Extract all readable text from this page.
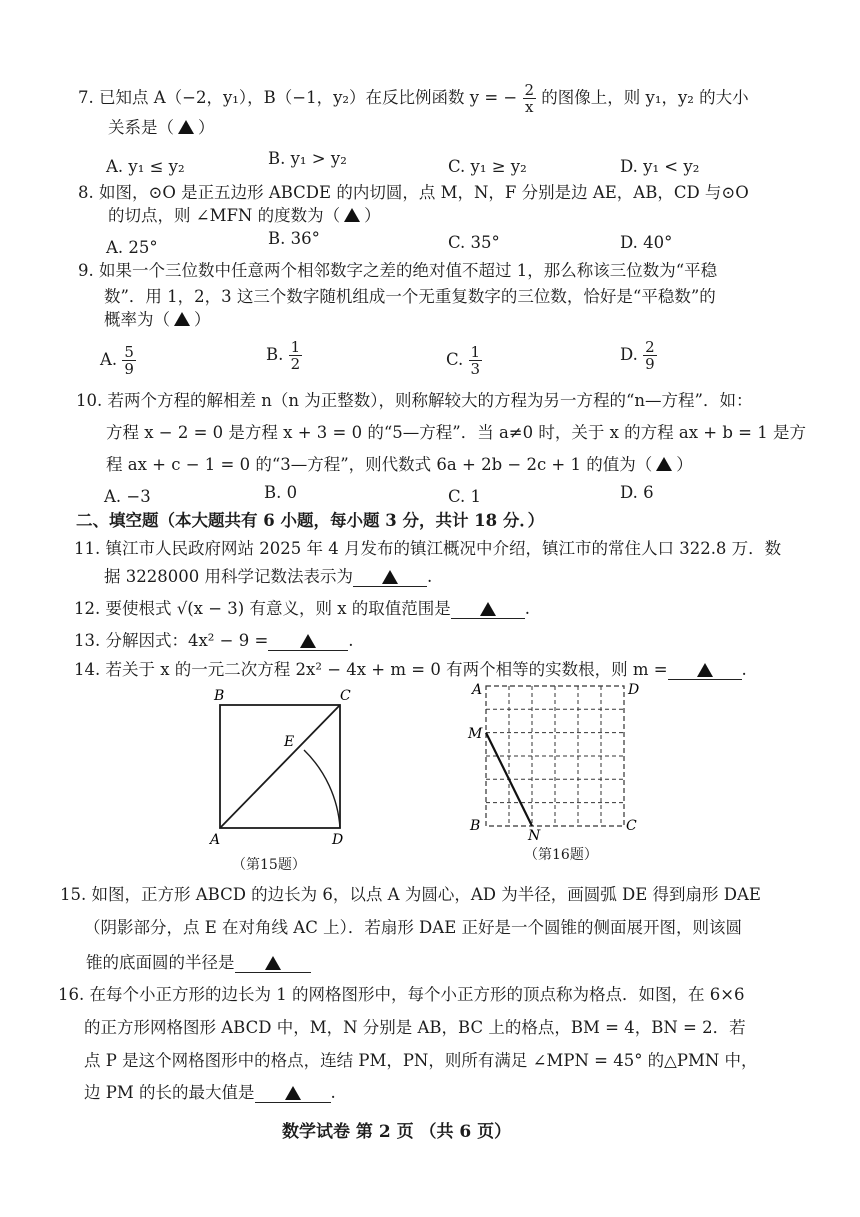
7. 已知点 A（−2，y₁），B（−1，y₂）在反比例函数 y = − $\frac{2}{x}$ 的图像上，则 y₁，y₂ 的大小
关系是（ ）
A. y₁ ≤ y₂	B. y₁ > y₂	C. y₁ ≥ y₂	D. y₁ < y₂
8. 如图，⊙O 是正五边形 ABCDE 的内切圆，点 M，N，F 分别是边 AE，AB，CD 与⊙O
的切点，则 ∠MFN 的度数为（ ）
A. 25°	B. 36°	C. 35°	D. 40°
9. 如果一个三位数中任意两个相邻数字之差的绝对值不超过 1，那么称该三位数为“平稳
数”．用 1，2，3 这三个数字随机组成一个无重复数字的三位数，恰好是“平稳数”的
概率为（ ）
A. $\frac{5}{9}$	B. $\frac{1}{2}$	C. $\frac{1}{3}$	D. $\frac{2}{9}$
10. 若两个方程的解相差 n（n 为正整数），则称解较大的方程为另一方程的“n—方程”．如：
方程 x − 2 = 0 是方程 x + 3 = 0 的“5—方程”．当 a≠0 时，关于 x 的方程 ax + b = 1 是方
程 ax + c − 1 = 0 的“3—方程”，则代数式 6a + 2b − 2c + 1 的值为（ ）
A. −3	B. 0	C. 1	D. 6
二、填空题（本大题共有 6 小题，每小题 3 分，共计 18 分．）
11. 镇江市人民政府网站 2025 年 4 月发布的镇江概况中介绍，镇江市的常住人口 322.8 万．数
据 3228000 用科学记数法表示为	.
12. 要使根式 √(x − 3) 有意义，则 x 的取值范围是	.
13. 分解因式：4x² − 9 =	.
14. 若关于 x 的一元二次方程 2x² − 4x + m = 0 有两个相等的实数根，则 m =	.
B	C
E
A	D
（第15题）
A	D
M
B
N
C
（第16题）
15. 如图，正方形 ABCD 的边长为 6，以点 A 为圆心，AD 为半径，画圆弧 DE 得到扇形 DAE
（阴影部分，点 E 在对角线 AC 上）．若扇形 DAE 正好是一个圆锥的侧面展开图，则该圆
锥的底面圆的半径是
16. 在每个小正方形的边长为 1 的网格图形中，每个小正方形的顶点称为格点．如图，在 6×6
的正方形网格图形 ABCD 中，M，N 分别是 AB，BC 上的格点，BM = 4，BN = 2．若
点 P 是这个网格图形中的格点，连结 PM，PN，则所有满足 ∠MPN = 45° 的△PMN 中，
边 PM 的长的最大值是	.
数学试卷 第 2 页 （共 6 页）
